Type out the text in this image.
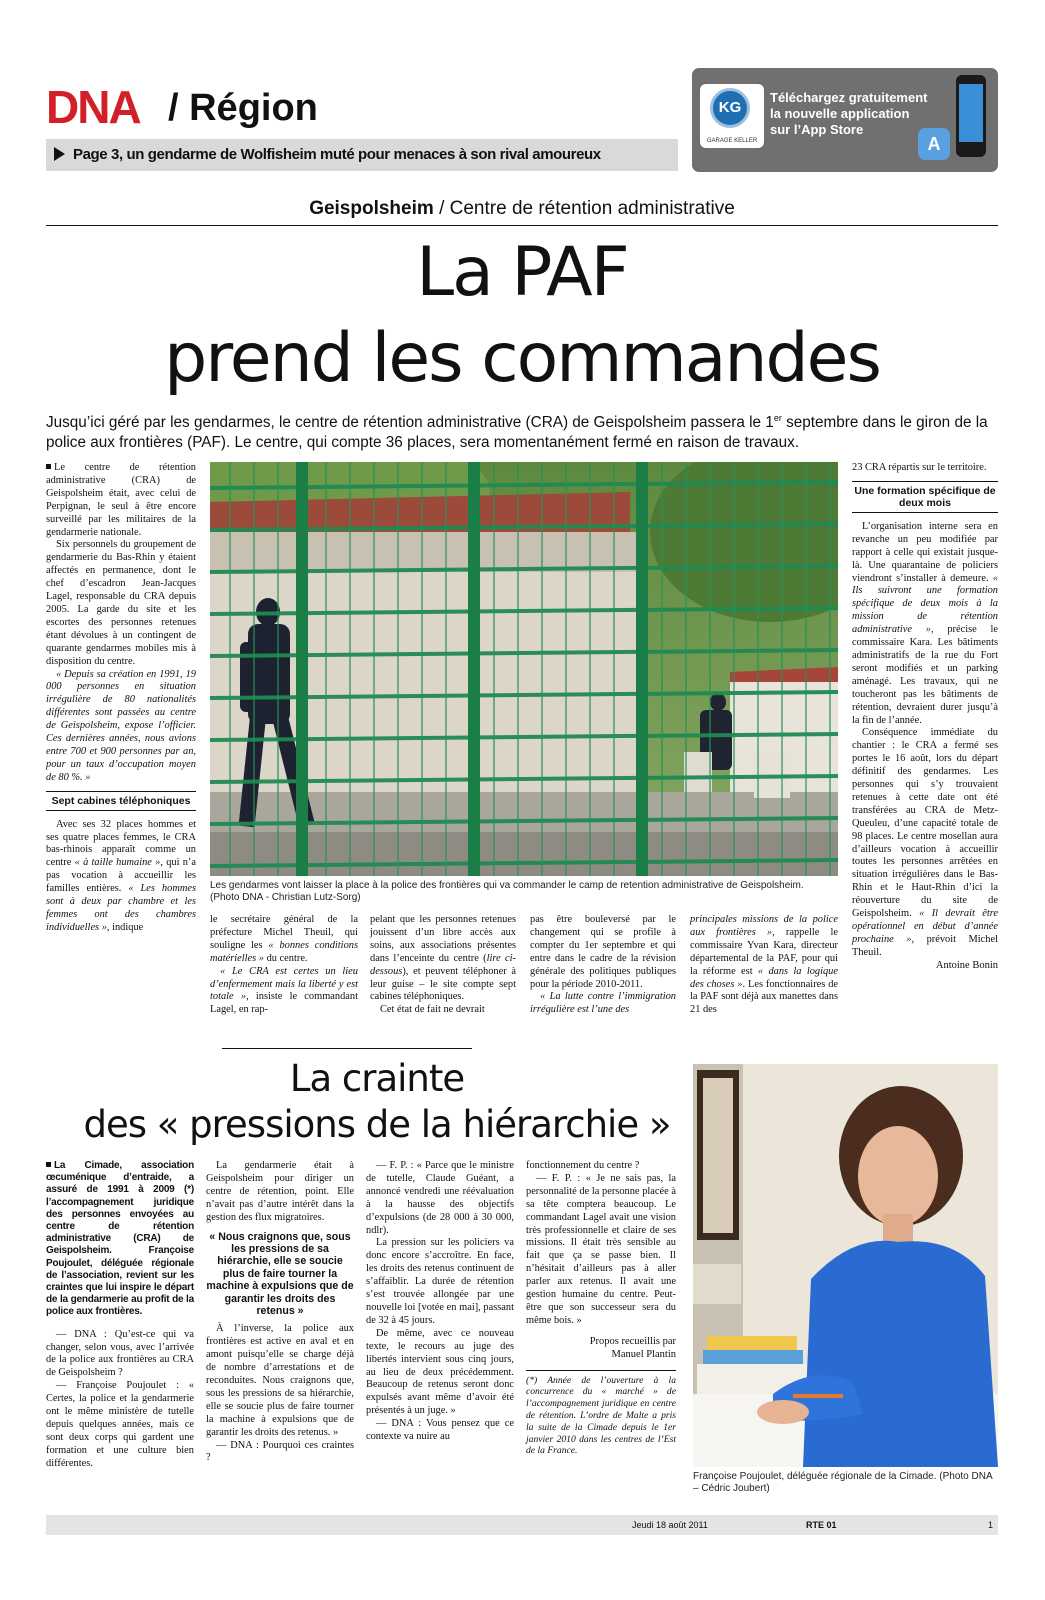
DNA / Région
Page 3, un gendarme de Wolfisheim muté pour menaces à son rival amoureux
KG
GARAGE KELLER
Téléchargez gratuitement
la nouvelle application
sur l’App Store
A
Geispolsheim / Centre de rétention administrative
La PAF
prend les commandes
Jusqu’ici géré par les gendarmes, le centre de rétention administrative (CRA) de Geispolsheim passera le 1er septembre dans le giron de la police aux frontières (PAF). Le centre, qui compte 36 places, sera momentanément fermé en raison de travaux.

Le centre de rétention administrative (CRA) de Geispolsheim était, avec celui de Perpignan, le seul à être encore surveillé par les militaires de la gendarmerie nationale.

Six personnels du groupement de gendarmerie du Bas-Rhin y étaient affectés en permanence, dont le chef d’escadron Jean-Jacques Lagel, responsable du CRA depuis 2005. La garde du site et les escortes des personnes retenues étant dévolues à un contingent de quarante gendarmes mobiles mis à disposition du centre.

« Depuis sa création en 1991, 19 000 personnes en situation irrégulière de 80 nationalités différentes sont passées au centre de Geispolsheim, expose l’officier. Ces dernières années, nous avions entre 700 et 900 personnes par an, pour un taux d’occupation moyen de 80 %. »

Sept cabines téléphoniques

Avec ses 32 places hommes et ses quatre places femmes, le CRA bas-rhinois apparaît comme un centre « à taille humaine », qui n’a pas vocation à accueillir les familles entières. « Les hommes sont à deux par chambre et les femmes ont des chambres individuelles », indique

Les gendarmes vont laisser la place à la police des frontières qui va commander le camp de retention administrative de Geispolsheim.
(Photo DNA - Christian Lutz-Sorg)

le secrétaire général de la préfecture Michel Theuil, qui souligne les « bonnes conditions matérielles » du centre.

« Le CRA est certes un lieu d’enfermement mais la liberté y est totale », insiste le commandant Lagel, en rap-

pelant que les personnes retenues jouissent d’un libre accès aux soins, aux associations présentes dans l’enceinte du centre (lire ci-dessous), et peuvent téléphoner à leur guise – le site compte sept cabines téléphoniques.

Cet état de fait ne devrait

pas être bouleversé par le changement qui se profile à compter du 1er septembre et qui entre dans le cadre de la révision générale des politiques publiques pour la période 2010-2011.

« La lutte contre l’immigration irrégulière est l’une des

principales missions de la police aux frontières », rappelle le commissaire Yvan Kara, directeur départemental de la PAF, pour qui la réforme est « dans la logique des choses ». Les fonctionnaires de la PAF sont déjà aux manettes dans 21 des

23 CRA répartis sur le territoire.

Une formation spécifique de deux mois

L’organisation interne sera en revanche un peu modifiée par rapport à celle qui existait jusque-là. Une quarantaine de policiers viendront s’installer à demeure. « Ils suivront une formation spécifique de deux mois à la mission de rétention administrative », précise le commissaire Kara. Les bâtiments administratifs de la rue du Fort seront modifiés et un parking aménagé. Les travaux, qui ne toucheront pas les bâtiments de rétention, devraient durer jusqu’à la fin de l’année.

Conséquence immédiate du chantier : le CRA a fermé ses portes le 16 août, lors du départ définitif des gendarmes. Les personnes qui s’y trouvaient retenues à cette date ont été transférées au CRA de Metz-Queuleu, d’une capacité totale de 98 places. Le centre mosellan aura d’ailleurs vocation à accueillir toutes les personnes arrêtées en situation irrégulières dans le Bas-Rhin et le Haut-Rhin d’ici la réouverture du site de Geispolsheim. « Il devrait être opérationnel en début d’année prochaine », prévoit Michel Theuil.

Antoine Bonin
La crainte
des « pressions de la hiérarchie »
La Cimade, association œcuménique d’entraide, a assuré de 1991 à 2009 (*) l’accompagnement juridique des personnes envoyées au centre de rétention administrative (CRA) de Geispolsheim. Françoise Poujoulet, déléguée régionale de l’association, revient sur les craintes que lui inspire le départ de la gendarmerie au profit de la police aux frontières.

— DNA : Qu’est-ce qui va changer, selon vous, avec l’arrivée de la police aux frontières au CRA de Geispolsheim ?

— Françoise Poujoulet : « Certes, la police et la gendarmerie ont le même ministère de tutelle depuis quelques années, mais ce sont deux corps qui gardent une formation et une culture bien différentes.

La gendarmerie était à Geispolsheim pour diriger un centre de rétention, point. Elle n’avait pas d’autre intérêt dans la gestion des flux migratoires.

« Nous craignons que, sous les pressions de sa hiérarchie, elle se soucie plus de faire tourner la machine à expulsions que de garantir les droits des retenus »

À l’inverse, la police aux frontières est active en aval et en amont puisqu’elle se charge déjà de nombre d’arrestations et de reconduites. Nous craignons que, sous les pressions de sa hiérarchie, elle se soucie plus de faire tourner la machine à expulsions que de garantir les droits des retenus. »

— DNA : Pourquoi ces craintes ?

— F. P. : « Parce que le ministre de tutelle, Claude Guéant, a annoncé vendredi une réévaluation à la hausse des objectifs d’expulsions (de 28 000 à 30 000, ndlr).

La pression sur les policiers va donc encore s’accroître. En face, les droits des retenus continuent de s’affaiblir. La durée de rétention s’est trouvée allongée par une nouvelle loi [votée en mai], passant de 32 à 45 jours.

De même, avec ce nouveau texte, le recours au juge des libertés intervient sous cinq jours, au lieu de deux précédemment. Beaucoup de retenus seront donc expulsés avant même d’avoir été présentés à un juge. »

— DNA : Vous pensez que ce contexte va nuire au

fonctionnement du centre ?

— F. P. : « Je ne sais pas, la personnalité de la personne placée à sa tête comptera beaucoup. Le commandant Lagel avait une vision très professionnelle et claire de ses missions. Il était très sensible au fait que ça se passe bien. Il n’hésitait d’ailleurs pas à aller parler aux retenus. Il avait une gestion humaine du centre. Peut-être que son successeur sera du même bois. »

Propos recueillis par
Manuel Plantin

(*) Année de l’ouverture à la concurrence du « marché » de l’accompagnement juridique en centre de rétention. L’ordre de Malte a pris la suite de la Cimade depuis le 1er janvier 2010 dans les centres de l’Est de la France.

Françoise Poujoulet, déléguée régionale de la Cimade. (Photo DNA – Cédric Joubert)
Jeudi 18 août 2011	RTE 01	1
